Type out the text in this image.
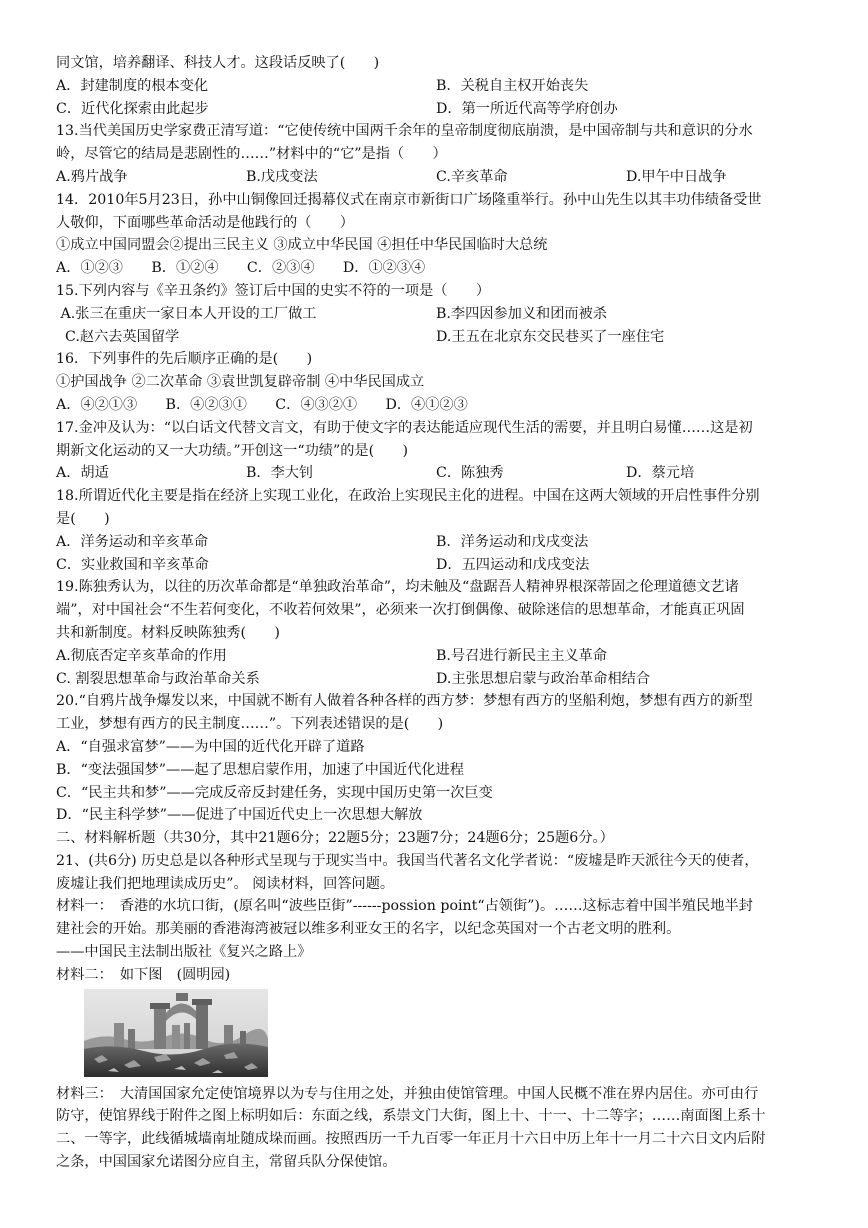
同文馆，培养翻译、科技人才。这段话反映了(　　)
A．封建制度的根本变化	B．关税自主权开始丧失
C．近代化探索由此起步	D．第一所近代高等学府创办
13.当代美国历史学家费正清写道：“它使传统中国两千余年的皇帝制度彻底崩溃，是中国帝制与共和意识的分水
岭，尽管它的结局是悲剧性的……”材料中的“它”是指（　　）
A.鸦片战争	B.戊戌变法	C.辛亥革命	D.甲午中日战争
14．2010年5月23日，孙中山铜像回迁揭幕仪式在南京市新街口广场隆重举行。孙中山先生以其丰功伟绩备受世
人敬仰，下面哪些革命活动是他践行的（　　）
①成立中国同盟会②提出三民主义 ③成立中华民国 ④担任中华民国临时大总统
A．①②③　　B．①②④　　C．②③④　　D．①②③④
15.下列内容与《辛丑条约》签订后中国的史实不符的一项是（　　）
A.张三在重庆一家日本人开设的工厂做工	B.李四因参加义和团而被杀
C.赵六去英国留学	D.王五在北京东交民巷买了一座住宅
16．下列事件的先后顺序正确的是(　　)
①护国战争 ②二次革命 ③袁世凯复辟帝制 ④中华民国成立
A．④②①③　　B．④②③①　　C．④③②①　　D．④①②③
17.金冲及认为：“以白话文代替文言文，有助于使文字的表达能适应现代生活的需要，并且明白易懂……这是初
期新文化运动的又一大功绩。”开创这一“功绩”的是(　　)
A．胡适	B．李大钊	C．陈独秀	D．蔡元培
18.所谓近代化主要是指在经济上实现工业化，在政治上实现民主化的进程。中国在这两大领域的开启性事件分别
是(　　)
A．洋务运动和辛亥革命	B．洋务运动和戊戌变法
C．实业救国和辛亥革命	D．五四运动和戊戌变法
19.陈独秀认为，以往的历次革命都是“单独政治革命”，均未触及“盘踞吾人精神界根深蒂固之伦理道德文艺诸
端”，对中国社会“不生若何变化，不收若何效果”，必须来一次打倒偶像、破除迷信的思想革命，才能真正巩固
共和新制度。材料反映陈独秀(　　)
A.彻底否定辛亥革命的作用	B.号召进行新民主主义革命
C. 割裂思想革命与政治革命关系	D.主张思想启蒙与政治革命相结合
20.“自鸦片战争爆发以来，中国就不断有人做着各种各样的西方梦：梦想有西方的坚船利炮，梦想有西方的新型
工业，梦想有西方的民主制度……”。下列表述错误的是(　　)
A．“自强求富梦”——为中国的近代化开辟了道路
B．“变法强国梦”——起了思想启蒙作用，加速了中国近代化进程
C．“民主共和梦”——完成反帝反封建任务，实现中国历史第一次巨变
D．“民主科学梦”——促进了中国近代史上一次思想大解放
二、材料解析题（共30分，其中21题6分；22题5分；23题7分；24题6分；25题6分。）
21、(共6分) 历史总是以各种形式呈现与于现实当中。我国当代著名文化学者说：“废墟是昨天派往今天的使者，
废墟让我们把地理读成历史”。 阅读材料，回答问题。
材料一：　香港的水坑口街，(原名叫“波些臣街”------possion point“占领街”)。……这标志着中国半殖民地半封
建社会的开始。那美丽的香港海湾被冠以维多利亚女王的名字，以纪念英国对一个古老文明的胜利。
——中国民主法制出版社《复兴之路上》
材料二：　如下图　(圆明园)
材料三：　大清国国家允定使馆境界以为专与住用之处，并独由使馆管理。中国人民概不准在界内居住。亦可由行
防守，使馆界线于附件之图上标明如后：东面之线，系崇文门大街，图上十、十一、十二等字；……南面图上系十
二、一等字，此线循城墙南址随成垛而画。按照西历一千九百零一年正月十六日中历上年十一月二十六日文内后附
之条，中国国家允诺图分应自主，常留兵队分保使馆。
